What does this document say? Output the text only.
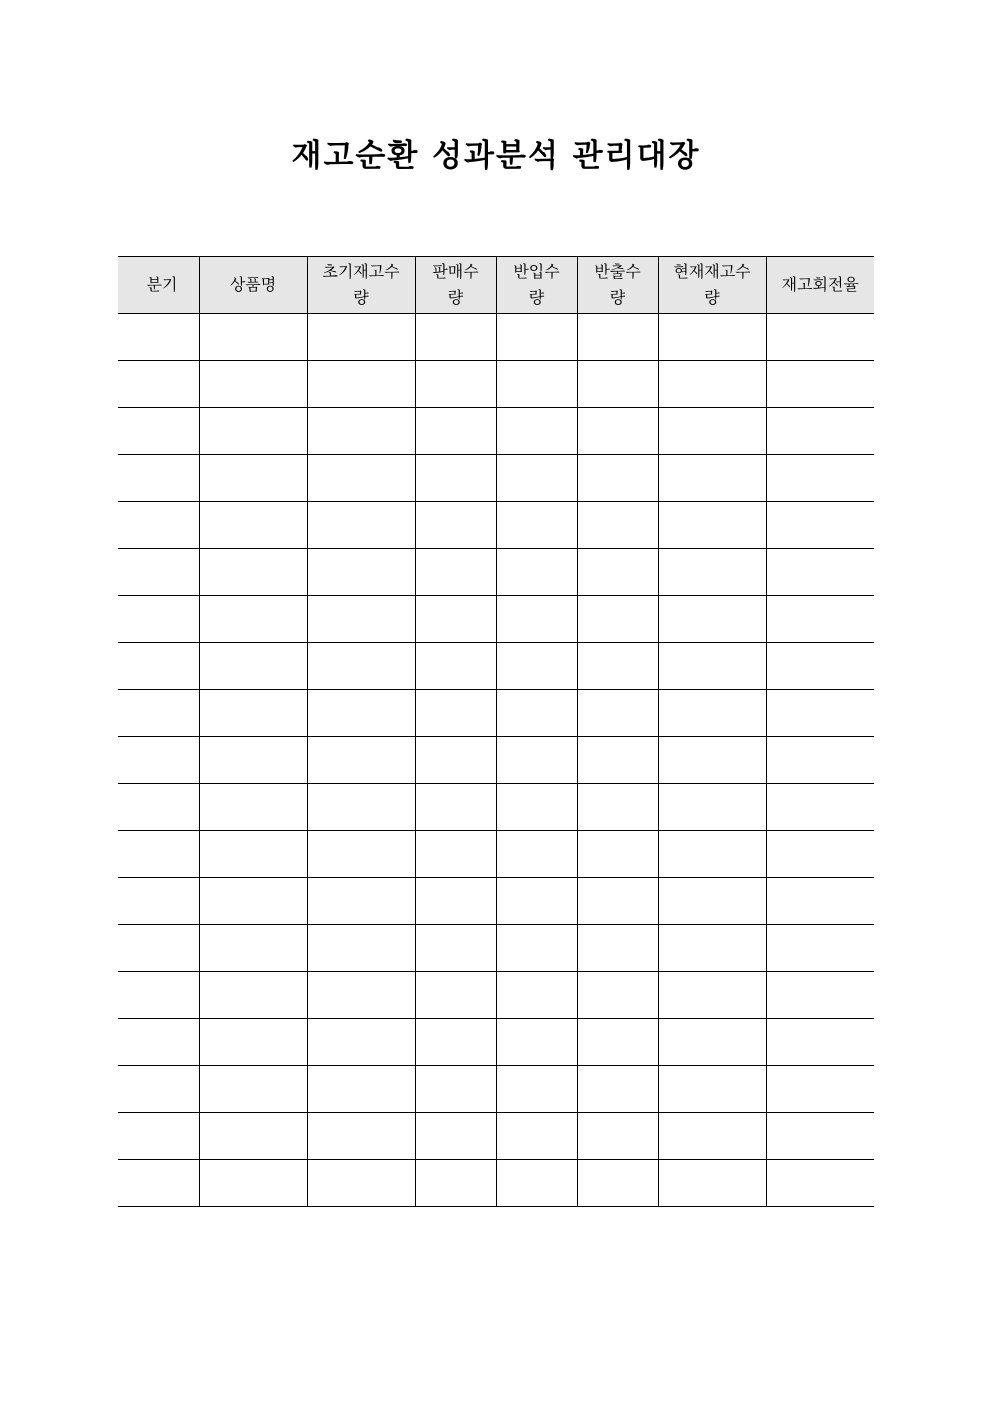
재고순환 성과분석 관리대장
분기	상품명	초기재고수량	판매수량	반입수량	반출수량	현재재고수량	재고회전율
